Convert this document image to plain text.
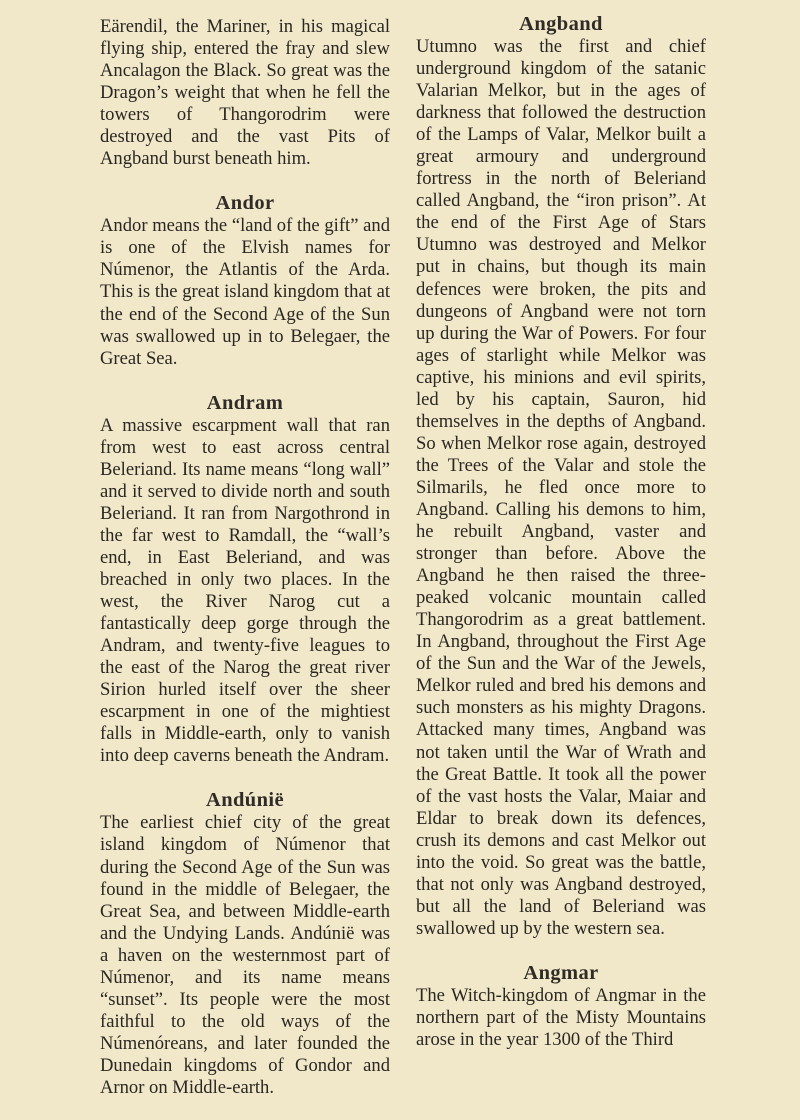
Eärendil, the Mariner, in his magical flying ship, entered the fray and slew Ancalagon the Black. So great was the Dragon’s weight that when he fell the towers of Thangorodrim were destroyed and the vast Pits of Angband burst beneath him.

Andor

Andor means the “land of the gift” and is one of the Elvish names for Númenor, the Atlantis of the Arda. This is the great island kingdom that at the end of the Second Age of the Sun was swallowed up in to Belegaer, the Great Sea.

Andram

A massive escarpment wall that ran from west to east across central Beleriand. Its name means “long wall” and it served to divide north and south Beleriand. It ran from Nargothrond in the far west to Ramdall, the “wall’s end, in East Beleriand, and was breached in only two places. In the west, the River Narog cut a fantastically deep gorge through the Andram, and twenty-five leagues to the east of the Narog the great river Sirion hurled itself over the sheer escarpment in one of the mightiest falls in Middle-earth, only to vanish into deep caverns beneath the Andram.

Andúnië

The earliest chief city of the great island kingdom of Númenor that during the Second Age of the Sun was found in the middle of Belegaer, the Great Sea, and between Middle-earth and the Undying Lands. Andúnië was a haven on the westernmost part of Númenor, and its name means “sunset”. Its people were the most faithful to the old ways of the Númenóreans, and later founded the Dunedain kingdoms of Gondor and Arnor on Middle-earth.

Angband

Utumno was the first and chief underground kingdom of the satanic Valarian Melkor, but in the ages of darkness that followed the destruction of the Lamps of Valar, Melkor built a great armoury and underground fortress in the north of Beleriand called Angband, the “iron prison”. At the end of the First Age of Stars Utumno was destroyed and Melkor put in chains, but though its main defences were broken, the pits and dungeons of Angband were not torn up during the War of Powers. For four ages of starlight while Melkor was captive, his minions and evil spirits, led by his captain, Sauron, hid themselves in the depths of Angband. So when Melkor rose again, destroyed the Trees of the Valar and stole the Silmarils, he fled once more to Angband. Calling his demons to him, he rebuilt Angband, vaster and stronger than before. Above the Angband he then raised the three-peaked volcanic mountain called Thangorodrim as a great battlement. In Angband, throughout the First Age of the Sun and the War of the Jewels, Melkor ruled and bred his demons and such monsters as his mighty Dragons. Attacked many times, Angband was not taken until the War of Wrath and the Great Battle. It took all the power of the vast hosts the Valar, Maiar and Eldar to break down its defences, crush its demons and cast Melkor out into the void. So great was the battle, that not only was Angband destroyed, but all the land of Beleriand was swallowed up by the western sea.

Angmar

The Witch-kingdom of Angmar in the northern part of the Misty Mountains arose in the year 1300 of the Third
